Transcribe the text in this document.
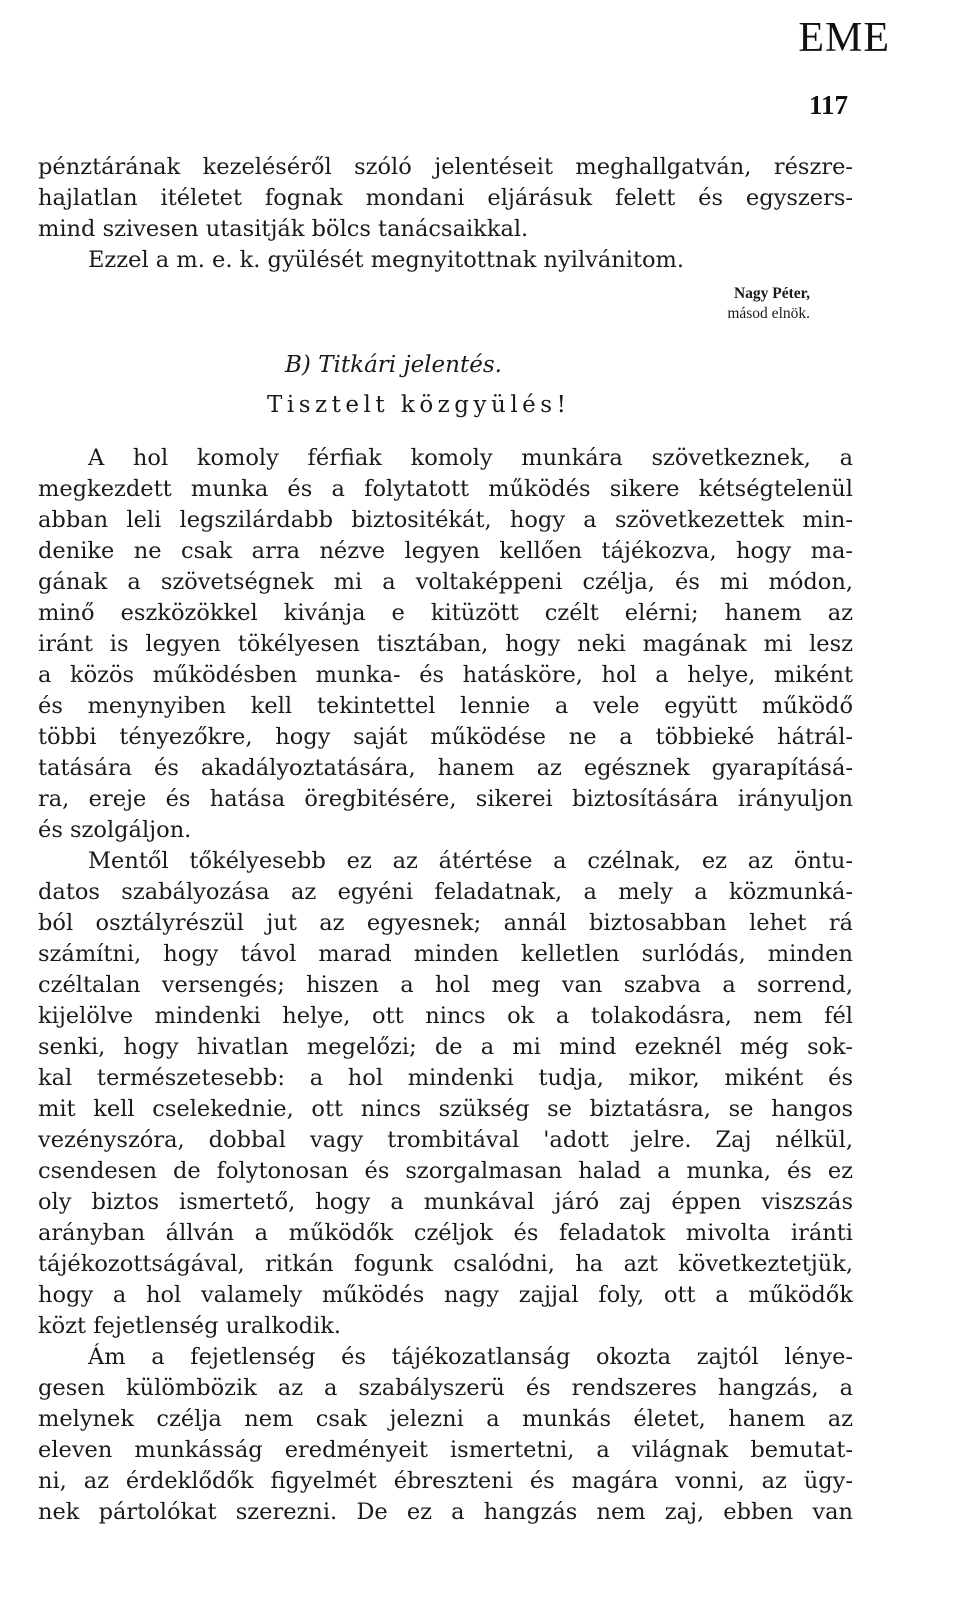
EME
117
pénztárának kezeléséről szóló jelentéseit meghallgatván, részre-
hajlatlan itéletet fognak mondani eljárásuk felett és egyszers-
mind szivesen utasitják bölcs tanácsaikkal.
Ezzel a m. e. k. gyülését megnyitottnak nyilvánitom.
Nagy Péter,
másod elnök.
B) Titkári jelentés.
Tisztelt közgyülés!
A hol komoly férfiak komoly munkára szövetkeznek, a
megkezdett munka és a folytatott működés sikere kétségtelenül
abban leli legszilárdabb biztositékát, hogy a szövetkezettek min-
denike ne csak arra nézve legyen kellően tájékozva, hogy ma-
gának a szövetségnek mi a voltaképpeni czélja, és mi módon,
minő eszközökkel kivánja e kitüzött czélt elérni; hanem az
iránt is legyen tökélyesen tisztában, hogy neki magának mi lesz
a közös működésben munka- és hatásköre, hol a helye, miként
és menynyiben kell tekintettel lennie a vele együtt működő
többi tényezőkre, hogy saját működése ne a többieké hátrál-
tatására és akadályoztatására, hanem az egésznek gyarapításá-
ra, ereje és hatása öregbitésére, sikerei biztosítására irányuljon
és szolgáljon.
Mentől tőkélyesebb ez az átértése a czélnak, ez az öntu-
datos szabályozása az egyéni feladatnak, a mely a közmunká-
ból osztályrészül jut az egyesnek; annál biztosabban lehet rá
számítni, hogy távol marad minden kelletlen surlódás, minden
czéltalan versengés; hiszen a hol meg van szabva a sorrend,
kijelölve mindenki helye, ott nincs ok a tolakodásra, nem fél
senki, hogy hivatlan megelőzi; de a mi mind ezeknél még sok-
kal természetesebb: a hol mindenki tudja, mikor, miként és
mit kell cselekednie, ott nincs szükség se biztatásra, se hangos
vezényszóra, dobbal vagy trombitával 'adott jelre. Zaj nélkül,
csendesen de folytonosan és szorgalmasan halad a munka, és ez
oly biztos ismertető, hogy a munkával járó zaj éppen viszszás
arányban állván a működők czéljok és feladatok mivolta iránti
tájékozottságával, ritkán fogunk csalódni, ha azt következtetjük,
hogy a hol valamely működés nagy zajjal foly, ott a működők
közt fejetlenség uralkodik.
Ám a fejetlenség és tájékozatlanság okozta zajtól lénye-
gesen külömbözik az a szabályszerü és rendszeres hangzás, a
melynek czélja nem csak jelezni a munkás életet, hanem az
eleven munkásság eredményeit ismertetni, a világnak bemutat-
ni, az érdeklődők figyelmét ébreszteni és magára vonni, az ügy-
nek pártolókat szerezni. De ez a hangzás nem zaj, ebben van
